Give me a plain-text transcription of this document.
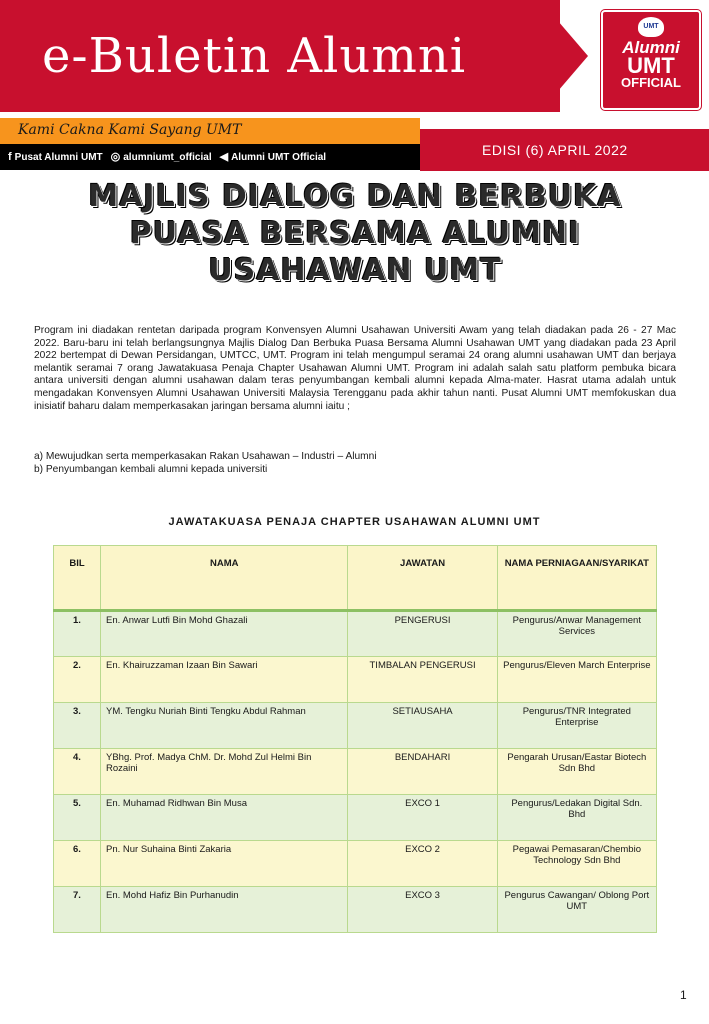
e-Buletin Alumni
UMT
Alumni
UMT
OFFICIAL
Kami Cakna Kami Sayang UMT
f Pusat Alumni UMT ◎ alumniumt_official ◀ Alumni UMT Official	EDISI (6) APRIL 2022
MAJLIS DIALOG DAN BERBUKA PUASA BERSAMA ALUMNI USAHAWAN UMT
Program ini diadakan rentetan daripada program Konvensyen Alumni Usahawan Universiti Awam yang telah diadakan pada 26 - 27 Mac 2022. Baru-baru ini telah berlangsungnya Majlis Dialog Dan Berbuka Puasa Bersama Alumni Usahawan UMT yang diadakan pada 23 April 2022 bertempat di Dewan Persidangan, UMTCC, UMT. Program ini telah mengumpul seramai 24 orang alumni usahawan UMT dan berjaya melantik seramai 7 orang Jawatakuasa Penaja Chapter Usahawan Alumni UMT. Program ini adalah salah satu platform pembuka bicara antara universiti dengan alumni usahawan dalam teras penyumbangan kembali alumni kepada Alma-mater. Hasrat utama adalah untuk mengadakan Konvensyen Alumni Usahawan Universiti Malaysia Terengganu pada akhir tahun nanti. Pusat Alumni UMT memfokuskan dua inisiatif baharu dalam memperkasakan jaringan bersama alumni iaitu ;
a) Mewujudkan serta memperkasakan Rakan Usahawan – Industri – Alumni
b) Penyumbangan kembali alumni kepada universiti
JAWATAKUASA PENAJA CHAPTER USAHAWAN ALUMNI UMT
BIL	NAMA	JAWATAN	NAMA PERNIAGAAN/SYARIKAT
1.	En. Anwar Lutfi Bin Mohd Ghazali	PENGERUSI	Pengurus/Anwar Management Services
2.	En. Khairuzzaman Izaan Bin Sawari	TIMBALAN PENGERUSI	Pengurus/Eleven March Enterprise
3.	YM. Tengku Nuriah Binti Tengku Abdul Rahman	SETIAUSAHA	Pengurus/TNR Integrated Enterprise
4.	YBhg. Prof. Madya ChM. Dr. Mohd Zul Helmi Bin Rozaini	BENDAHARI	Pengarah Urusan/Eastar Biotech Sdn Bhd
5.	En. Muhamad Ridhwan Bin Musa	EXCO 1	Pengurus/Ledakan Digital Sdn. Bhd
6.	Pn. Nur Suhaina Binti Zakaria	EXCO 2	Pegawai Pemasaran/Chembio Technology Sdn Bhd
7.	En. Mohd Hafiz Bin Purhanudin	EXCO 3	Pengurus Cawangan/ Oblong Port UMT
1
